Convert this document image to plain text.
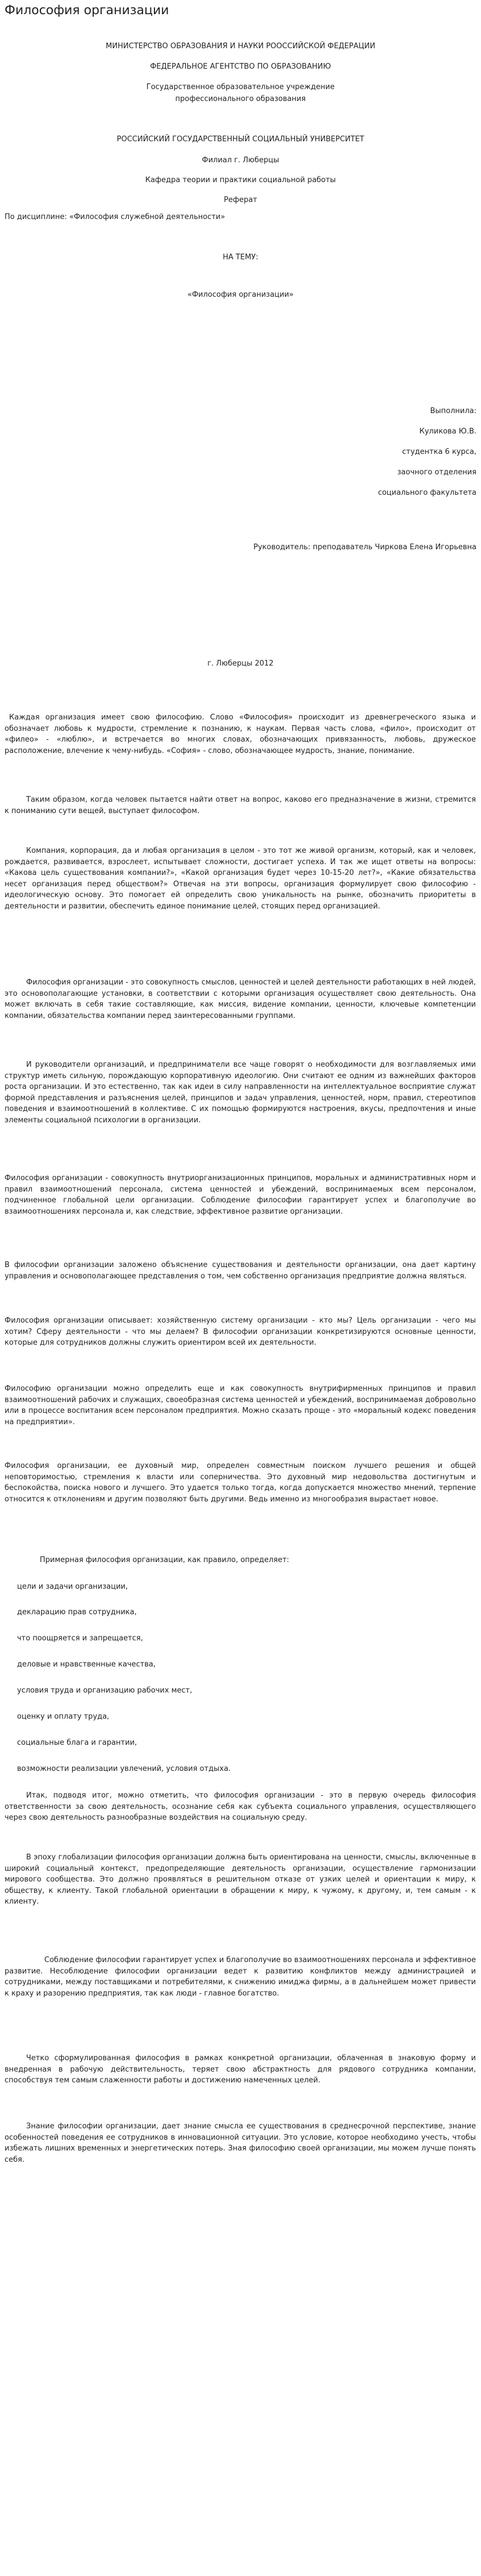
Философия организации

МИНИСТЕРСТВО ОБРАЗОВАНИЯ И НАУКИ РООССИЙСКОЙ ФЕДЕРАЦИИ

ФЕДЕРАЛЬНОЕ АГЕНТСТВО ПО ОБРАЗОВАНИЮ

Государственное образовательное учреждение

профессионального образования

РОССИЙСКИЙ ГОСУДАРСТВЕННЫЙ СОЦИАЛЬНЫЙ УНИВЕРСИТЕТ

Филиал г. Люберцы

Кафедра теории и практики социальной работы

Реферат

По дисциплине: «Философия служебной деятельности»

НА ТЕМУ:

«Философия организации»

Выполнила:

Куликова Ю.В.

студентка 6 курса,

заочного отделения

социального факультета

Руководитель: преподаватель Чиркова Елена Игорьевна

г. Люберцы 2012

Каждая организация имеет свою философию. Слово «Философия» происходит из древнегреческого языка и обозначает любовь к мудрости, стремление к познанию, к наукам. Первая часть слова, «фило», происходит от «филео» - «люблю», и встречается во многих словах, обозначающих привязанность, любовь, дружеское расположение, влечение к чему-нибудь. «София» - слово, обозначающее мудрость, знание, понимание.

Таким образом, когда человек пытается найти ответ на вопрос, каково его предназначение в жизни, стремится к пониманию сути вещей, выступает философом.

Компания, корпорация, да и любая организация в целом - это тот же живой организм, который, как и человек, рождается, развивается, взрослеет, испытывает сложности, достигает успеха. И так же ищет ответы на вопросы: «Какова цель существования компании?», «Какой организация будет через 10-15-20 лет?», «Какие обязательства несет организация перед обществом?» Отвечая на эти вопросы, организация формулирует свою философию - идеологическую основу. Это помогает ей определить свою уникальность на рынке, обозначить приоритеты в деятельности и развитии, обеспечить единое понимание целей, стоящих перед организацией.

Философия организации - это совокупность смыслов, ценностей и целей деятельности работающих в ней людей, это основополагающие установки, в соответствии с которыми организация осуществляет свою деятельность. Она может включать в себя такие составляющие, как миссия, видение компании, ценности, ключевые компетенции компании, обязательства компании перед заинтересованными группами.

И руководители организаций, и предприниматели все чаще говорят о необходимости для возглавляемых ими структур иметь сильную, порождающую корпоративную идеологию. Они считают ее одним из важнейших факторов роста организации. И это естественно, так как идеи в силу направленности на интеллектуальное восприятие служат формой представления и разъяснения целей, принципов и задач управления, ценностей, норм, правил, стереотипов поведения и взаимоотношений в коллективе. С их помощью формируются настроения, вкусы, предпочтения и иные элементы социальной психологии в организации.

Философия организации - совокупность внутриорганизационных принципов, моральных и административных норм и правил взаимоотношений персонала, система ценностей и убеждений, воспринимаемых всем персоналом, подчиненное глобальной цели организации. Соблюдение философии гарантирует успех и благополучие во взаимоотношениях персонала и, как следствие, эффективное развитие организации.

В философии организации заложено объяснение существования и деятельности организации, она дает картину управления и основополагающее представления о том, чем собственно организация предприятие должна являться.

Философия организации описывает: хозяйственную систему организации - кто мы? Цель организации - чего мы хотим? Сферу деятельности - что мы делаем? В философии организации конкретизируются основные ценности, которые для сотрудников должны служить ориентиром всей их деятельности.

Философию организации можно определить еще и как совокупность внутрифирменных принципов и правил взаимоотношений рабочих и служащих, своеобразная система ценностей и убеждений, воспринимаемая добровольно или в процессе воспитания всем персоналом предприятия. Можно сказать проще - это «моральный кодекс поведения на предприятии».

Философия организации, ее духовный мир, определен совместным поиском лучшего решения и общей неповторимостью, стремления к власти или соперничества. Это духовный мир недовольства достигнутым и беспокойства, поиска нового и лучшего. Это удается только тогда, когда допускается множество мнений, терпение относится к отклонениям и другим позволяют быть другими. Ведь именно из многообразия вырастает новое.

Примерная философия организации, как правило, определяет:

цели и задачи организации,

декларацию прав сотрудника,

что поощряется и запрещается,

деловые и нравственные качества,

условия труда и организацию рабочих мест,

оценку и оплату труда,

социальные блага и гарантии,

возможности реализации увлечений, условия отдыха.

Итак, подводя итог, можно отметить, что философия организации - это в первую очередь философия ответственности за свою деятельность, осознание себя как субъекта социального управления, осуществляющего через свою деятельность разнообразные воздействия на социальную среду.

В эпоху глобализации философия организации должна быть ориентирована на ценности, смыслы, включенные в широкий социальный контекст, предопределяющие деятельность организации, осуществление гармонизации мирового сообщества. Это должно проявляться в решительном отказе от узких целей и ориентации к миру, к обществу, к клиенту. Такой глобальной ориентации в обращении к миру, к чужому, к другому, и, тем самым - к клиенту.

Соблюдение философии гарантирует успех и благополучие во взаимоотношениях персонала и эффективное развитие. Несоблюдение философии организации ведет к развитию конфликтов между администрацией и сотрудниками, между поставщиками и потребителями, к снижению имиджа фирмы, а в дальнейшем может привести к краху и разорению предприятия, так как люди - главное богатство.

Четко сформулированная философия в рамках конкретной организации, облаченная в знаковую форму и внедренная в рабочую действительность, теряет свою абстрактность для рядового сотрудника компании, способствуя тем самым слаженности работы и достижению намеченных целей.

Знание философии организации, дает знание смысла ее существования в среднесрочной перспективе, знание особенностей поведения ее сотрудников в инновационной ситуации. Это условие, которое необходимо учесть, чтобы избежать лишних временных и энергетических потерь. Зная философию своей организации, мы можем лучше понять себя.
